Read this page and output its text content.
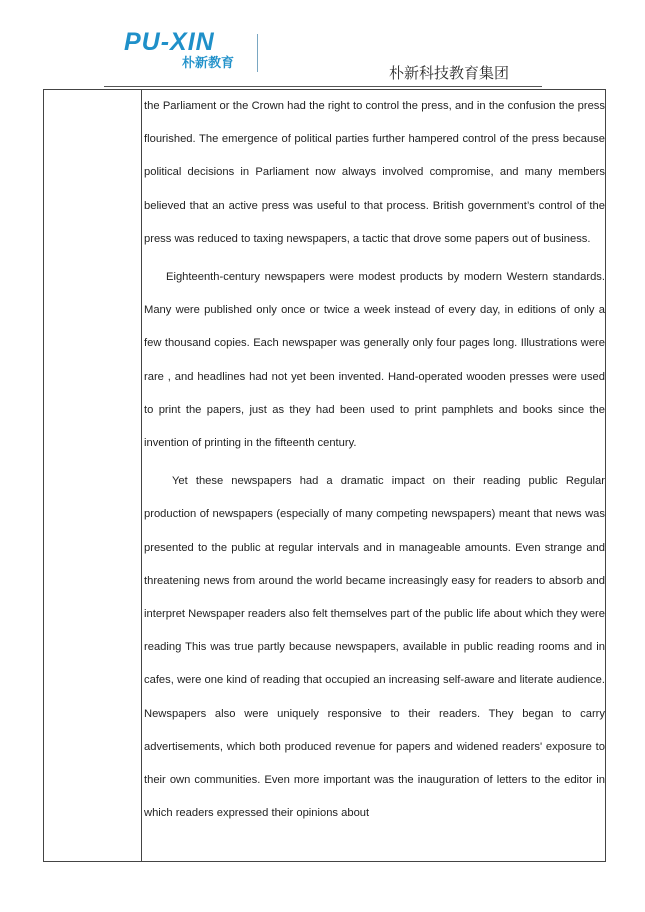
PU-XIN
朴新教育
朴新科技教育集团

the Parliament or the Crown had the right to control the press, and in the confusion the press flourished. The emergence of political parties further hampered control of the press because political decisions in Parliament now always involved compromise, and many members believed that an active press was useful to that process. British government’s control of the press was reduced to taxing newspapers, a tactic that drove some papers out of business.

Eighteenth-century newspapers were modest products by modern Western standards. Many were published only once or twice a week instead of every day, in editions of only a few thousand copies. Each newspaper was generally only four pages long. Illustrations were rare , and headlines had not yet been invented. Hand-operated wooden presses were used to print the papers, just as they had been used to print pamphlets and books since the invention of printing in the fifteenth century.

Yet these newspapers had a dramatic impact on their reading public Regular production of newspapers (especially of many competing newspapers) meant that news was presented to the public at regular intervals and in manageable amounts. Even strange and threatening news from around the world became increasingly easy for readers to absorb and interpret Newspaper readers also felt themselves part of the public life about which they were reading This was true partly because newspapers, available in public reading rooms and in cafes, were one kind of reading that occupied an increasing self-aware and literate audience. Newspapers also were uniquely responsive to their readers. They began to carry advertisements, which both produced revenue for papers and widened readers' exposure to their own communities. Even more important was the inauguration of letters to the editor in which readers expressed their opinions about
